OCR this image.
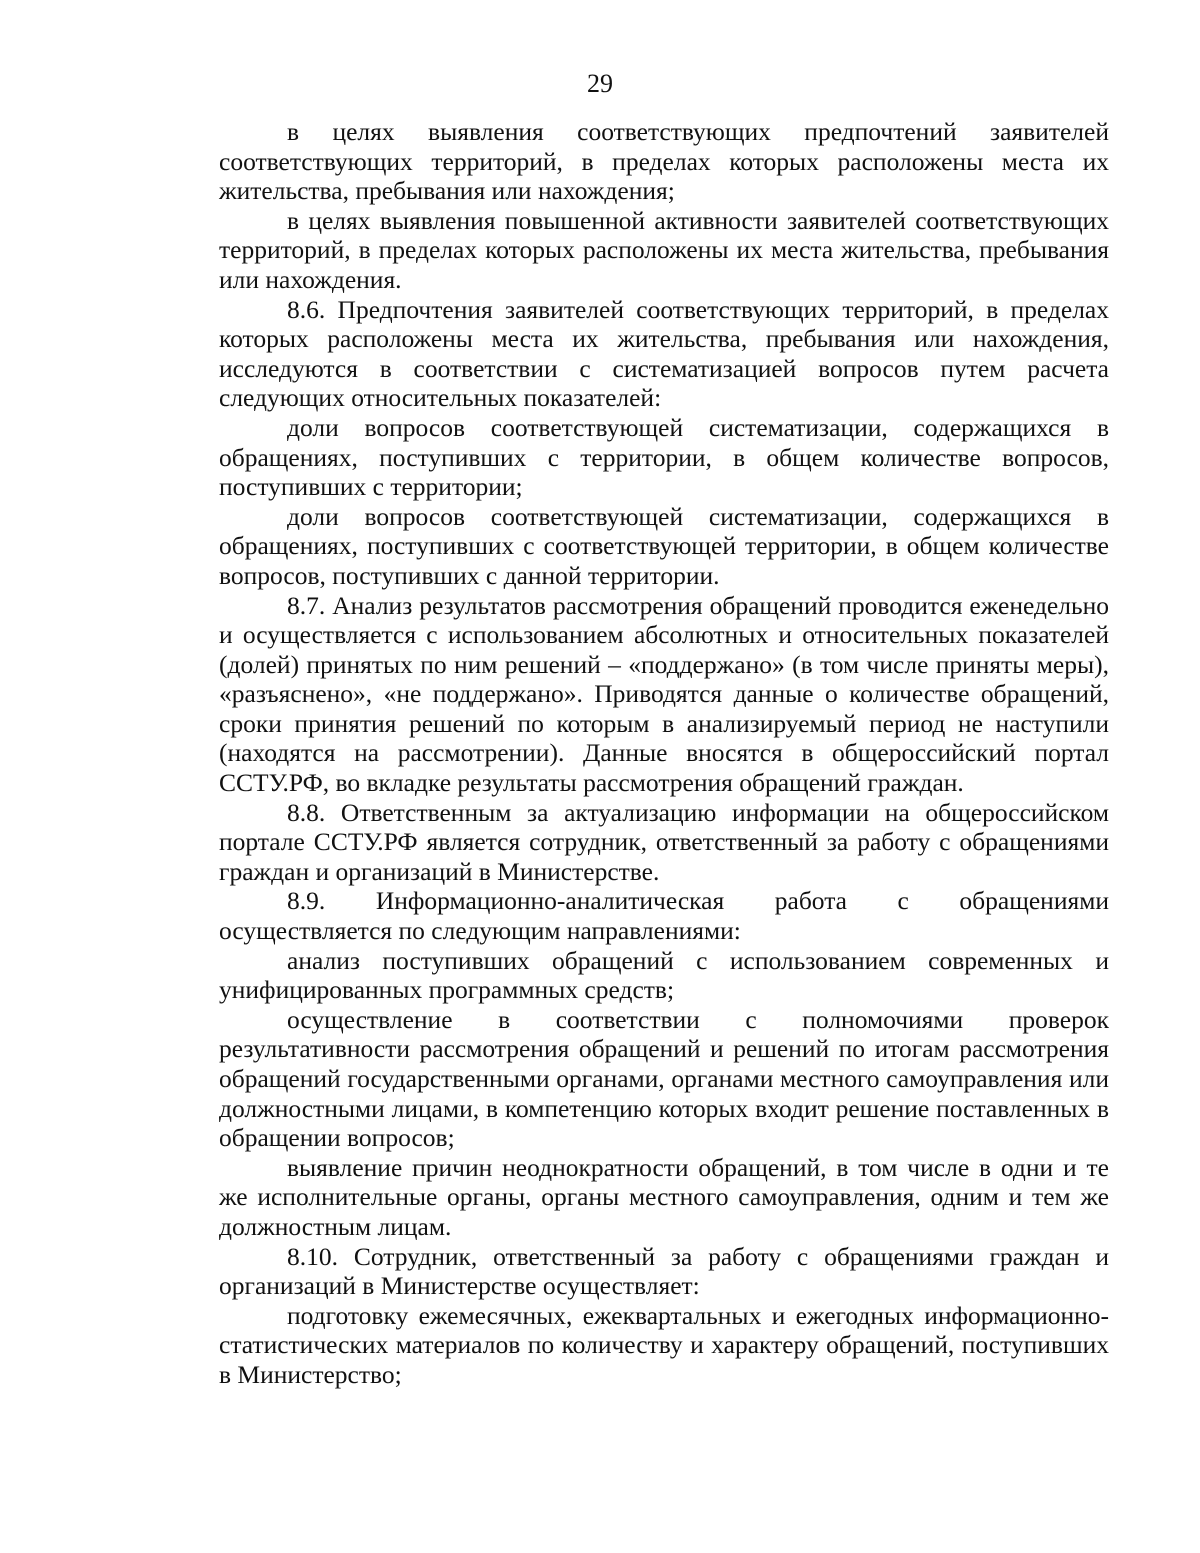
29

в целях выявления соответствующих предпочтений заявителей соответствующих территорий, в пределах которых расположены места их жительства, пребывания или нахождения;

в целях выявления повышенной активности заявителей соответствующих территорий, в пределах которых расположены их места жительства, пребывания или нахождения.

8.6. Предпочтения заявителей соответствующих территорий, в пределах которых расположены места их жительства, пребывания или нахождения, исследуются в соответствии с систематизацией вопросов путем расчета следующих относительных показателей:

доли вопросов соответствующей систематизации, содержащихся в обращениях, поступивших с территории, в общем количестве вопросов, поступивших с территории;

доли вопросов соответствующей систематизации, содержащихся в обращениях, поступивших с соответствующей территории, в общем количестве вопросов, поступивших с данной территории.

8.7. Анализ результатов рассмотрения обращений проводится еженедельно и осуществляется с использованием абсолютных и относительных показателей (долей) принятых по ним решений – «поддержано» (в том числе приняты меры), «разъяснено», «не поддержано». Приводятся данные о количестве обращений, сроки принятия решений по которым в анализируемый период не наступили (находятся на рассмотрении). Данные вносятся в общероссийский портал ССТУ.РФ, во вкладке результаты рассмотрения обращений граждан.

8.8. Ответственным за актуализацию информации на общероссийском портале ССТУ.РФ является сотрудник, ответственный за работу с обращениями граждан и организаций в Министерстве.

8.9. Информационно-аналитическая работа с обращениями осуществляется по следующим направлениями:

анализ поступивших обращений с использованием современных и унифицированных программных средств;

осуществление в соответствии с полномочиями проверок результативности рассмотрения обращений и решений по итогам рассмотрения обращений государственными органами, органами местного самоуправления или должностными лицами, в компетенцию которых входит решение поставленных в обращении вопросов;

выявление причин неоднократности обращений, в том числе в одни и те же исполнительные органы, органы местного самоуправления, одним и тем же должностным лицам.

8.10. Сотрудник, ответственный за работу с обращениями граждан и организаций в Министерстве осуществляет:

подготовку ежемесячных, ежеквартальных и ежегодных информационно-статистических материалов по количеству и характеру обращений, поступивших в Министерство;
